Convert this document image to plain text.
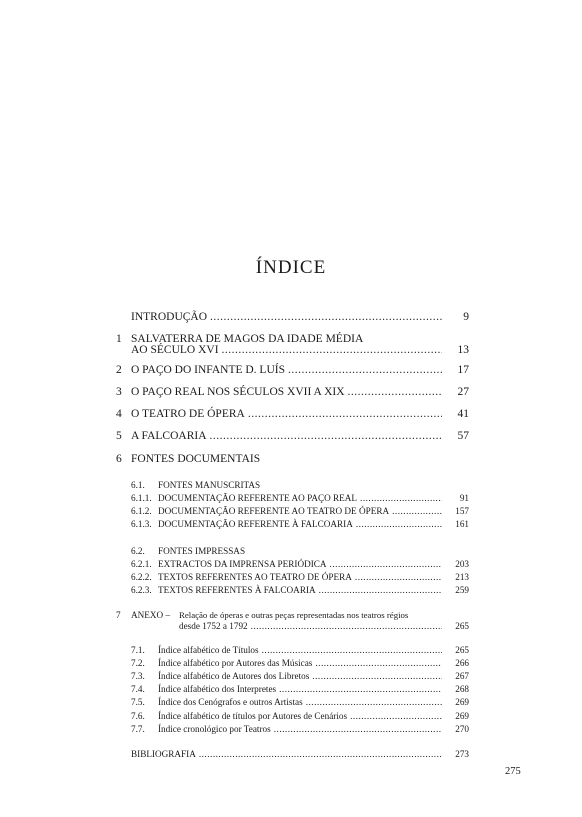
ÍNDICE
INTRODUÇÃO .....	9
1 SALVATERRA DE MAGOS DA IDADE MÉDIA
AO SÉCULO XVI .....	13
2 O PAÇO DO INFANTE D. LUÍS .....	17
3 O PAÇO REAL NOS SÉCULOS XVII A XIX .....	27
4 O TEATRO DE ÓPERA .....	41
5 A FALCOARIA .....	57
6 FONTES DOCUMENTAIS
6.1. FONTES MANUSCRITAS
6.1.1. DOCUMENTAÇÃO REFERENTE AO PAÇO REAL .....	91
6.1.2. DOCUMENTAÇÃO REFERENTE AO TEATRO DE ÓPERA .....	157
6.1.3. DOCUMENTAÇÃO REFERENTE À FALCOARIA .....	161
6.2. FONTES IMPRESSAS
6.2.1. EXTRACTOS DA IMPRENSA PERIÓDICA .....	203
6.2.2. TEXTOS REFERENTES AO TEATRO DE ÓPERA .....	213
6.2.3. TEXTOS REFERENTES À FALCOARIA .....	259
7 ANEXO – Relação de óperas e outras peças representadas nos teatros régios
desde 1752 a 1792 .....	265
7.1.	Índice alfabético de Títulos .....	265
7.2.	Índice alfabético por Autores das Músicas .....	266
7.3.	Índice alfabético de Autores dos Libretos .....	267
7.4.	Índice alfabético dos Interpretes .....	268
7.5.	Índice dos Cenógrafos e outros Artistas .....	269
7.6.	Índice alfabético de títulos por Autores de Cenários .....	269
7.7.	Índice cronológico por Teatros .....	270
BIBLIOGRAFIA .....	273
275
